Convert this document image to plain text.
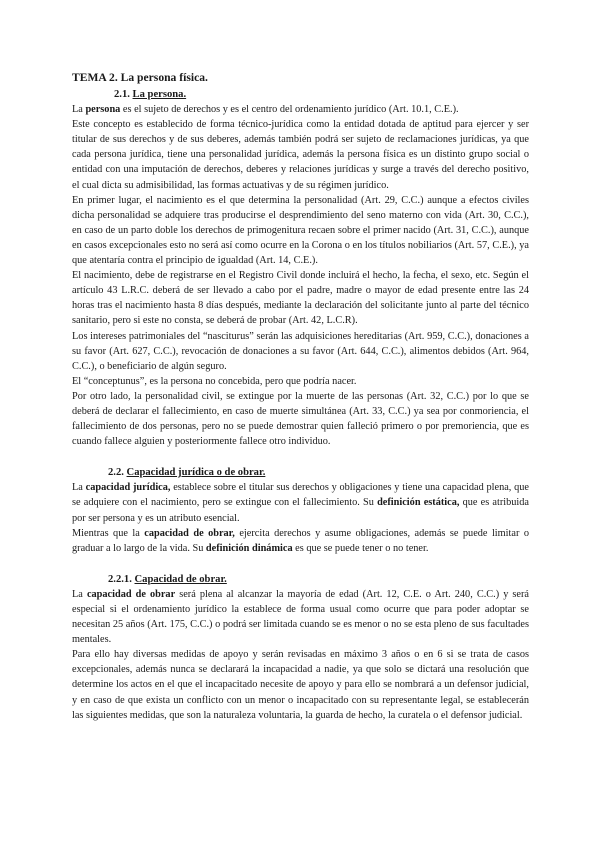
TEMA 2. La persona física.
2.1. La persona.

La persona es el sujeto de derechos y es el centro del ordenamiento jurídico (Art. 10.1, C.E.).

Este concepto es establecido de forma técnico-jurídica como la entidad dotada de aptitud para ejercer y ser titular de sus derechos y de sus deberes, además también podrá ser sujeto de reclamaciones jurídicas, ya que cada persona jurídica, tiene una personalidad jurídica, además la persona física es un distinto grupo social o entidad con una imputación de derechos, deberes y relaciones jurídicas y surge a través del derecho positivo, el cual dicta su admisibilidad, las formas actuativas y de su régimen jurídico.

En primer lugar, el nacimiento es el que determina la personalidad (Art. 29, C.C.) aunque a efectos civiles dicha personalidad se adquiere tras producirse el desprendimiento del seno materno con vida (Art. 30, C.C.), en caso de un parto doble los derechos de primogenitura recaen sobre el primer nacido (Art. 31, C.C.), aunque en casos excepcionales esto no será así como ocurre en la Corona o en los títulos nobiliarios (Art. 57, C.E.), ya que atentaría contra el principio de igualdad (Art. 14, C.E.).

El nacimiento, debe de registrarse en el Registro Civil donde incluirá el hecho, la fecha, el sexo, etc. Según el artículo 43 L.R.C. deberá de ser llevado a cabo por el padre, madre o mayor de edad presente entre las 24 horas tras el nacimiento hasta 8 días después, mediante la declaración del solicitante junto al parte del técnico sanitario, pero si este no consta, se deberá de probar (Art. 42, L.C.R).

Los intereses patrimoniales del “nasciturus” serán las adquisiciones hereditarias (Art. 959, C.C.), donaciones a su favor (Art. 627, C.C.), revocación de donaciones a su favor (Art. 644, C.C.), alimentos debidos (Art. 964, C.C.), o beneficiario de algún seguro.

El “conceptunus”, es la persona no concebida, pero que podría nacer.

Por otro lado, la personalidad civil, se extingue por la muerte de las personas (Art. 32, C.C.) por lo que se deberá de declarar el fallecimiento, en caso de muerte simultánea (Art. 33, C.C.) ya sea por conmoriencia, el fallecimiento de dos personas, pero no se puede demostrar quien falleció primero o por premoriencia, que es cuando fallece alguien y posteriormente fallece otro individuo.

2.2. Capacidad jurídica o de obrar.

La capacidad jurídica, establece sobre el titular sus derechos y obligaciones y tiene una capacidad plena, que se adquiere con el nacimiento, pero se extingue con el fallecimiento. Su definición estática, que es atribuida por ser persona y es un atributo esencial.

Mientras que la capacidad de obrar, ejercita derechos y asume obligaciones, además se puede limitar o graduar a lo largo de la vida. Su definición dinámica es que se puede tener o no tener.

2.2.1. Capacidad de obrar.

La capacidad de obrar será plena al alcanzar la mayoría de edad (Art. 12, C.E. o Art. 240, C.C.) y será especial si el ordenamiento jurídico la establece de forma usual como ocurre que para poder adoptar se necesitan 25 años (Art. 175, C.C.) o podrá ser limitada cuando se es menor o no se esta pleno de sus facultades mentales.

Para ello hay diversas medidas de apoyo y serán revisadas en máximo 3 años o en 6 si se trata de casos excepcionales, además nunca se declarará la incapacidad a nadie, ya que solo se dictará una resolución que determine los actos en el que el incapacitado necesite de apoyo y para ello se nombrará a un defensor judicial, y en caso de que exista un conflicto con un menor o incapacitado con su representante legal, se establecerán las siguientes medidas, que son la naturaleza voluntaria, la guarda de hecho, la curatela o el defensor judicial.
